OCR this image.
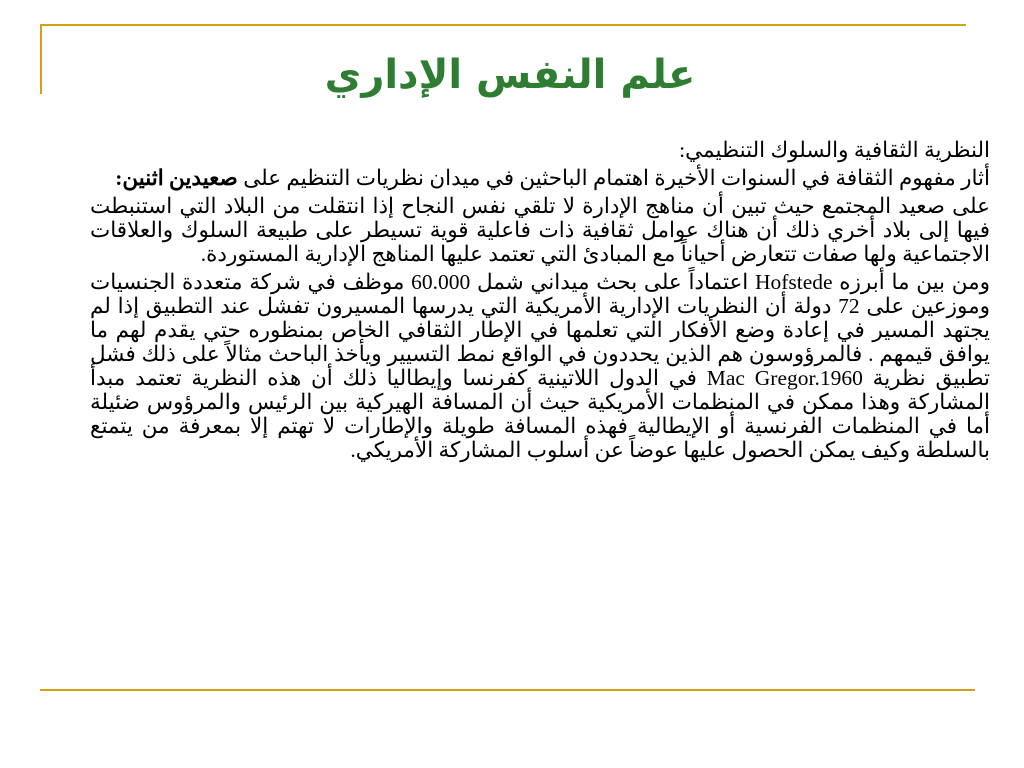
علم النفس الإداري

النظرية الثقافية والسلوك التنظيمي:

أثار مفهوم الثقافة في السنوات الأخيرة اهتمام الباحثين في ميدان نظريات التنظيم على صعيدين اثنين:

على صعيد المجتمع حيث تبين أن مناهج الإدارة لا تلقي نفس النجاح إذا انتقلت من البلاد التي استنبطت فيها إلى بلاد أخري ذلك أن هناك عوامل ثقافية ذات فاعلية قوية تسيطر على طبيعة السلوك والعلاقات الاجتماعية ولها صفات تتعارض أحياناً مع المبادئ التي تعتمد عليها المناهج الإدارية المستوردة.

ومن بين ما أبرزه Hofstede اعتماداً على بحث ميداني شمل 60.000 موظف في شركة متعددة الجنسيات وموزعين على 72 دولة أن النظريات الإدارية الأمريكية التي يدرسها المسيرون تفشل عند التطبيق إذا لم يجتهد المسير في إعادة وضع الأفكار التي تعلمها في الإطار الثقافي الخاص بمنظوره حتي يقدم لهم ما يوافق قيمهم . فالمرؤوسون هم الذين يحددون في الواقع نمط التسيير ويأخذ الباحث مثالاً على ذلك فشل تطبيق نظرية Mac Gregor.1960 في الدول اللاتينية كفرنسا وإيطاليا ذلك أن هذه النظرية تعتمد مبدأ المشاركة وهذا ممكن في المنظمات الأمريكية حيث أن المسافة الهيركية بين الرئيس والمرؤوس ضئيلة أما في المنظمات الفرنسية أو الإيطالية فهذه المسافة طويلة والإطارات لا تهتم إلا بمعرفة من يتمتع بالسلطة وكيف يمكن الحصول عليها عوضاً عن أسلوب المشاركة الأمريكي.
